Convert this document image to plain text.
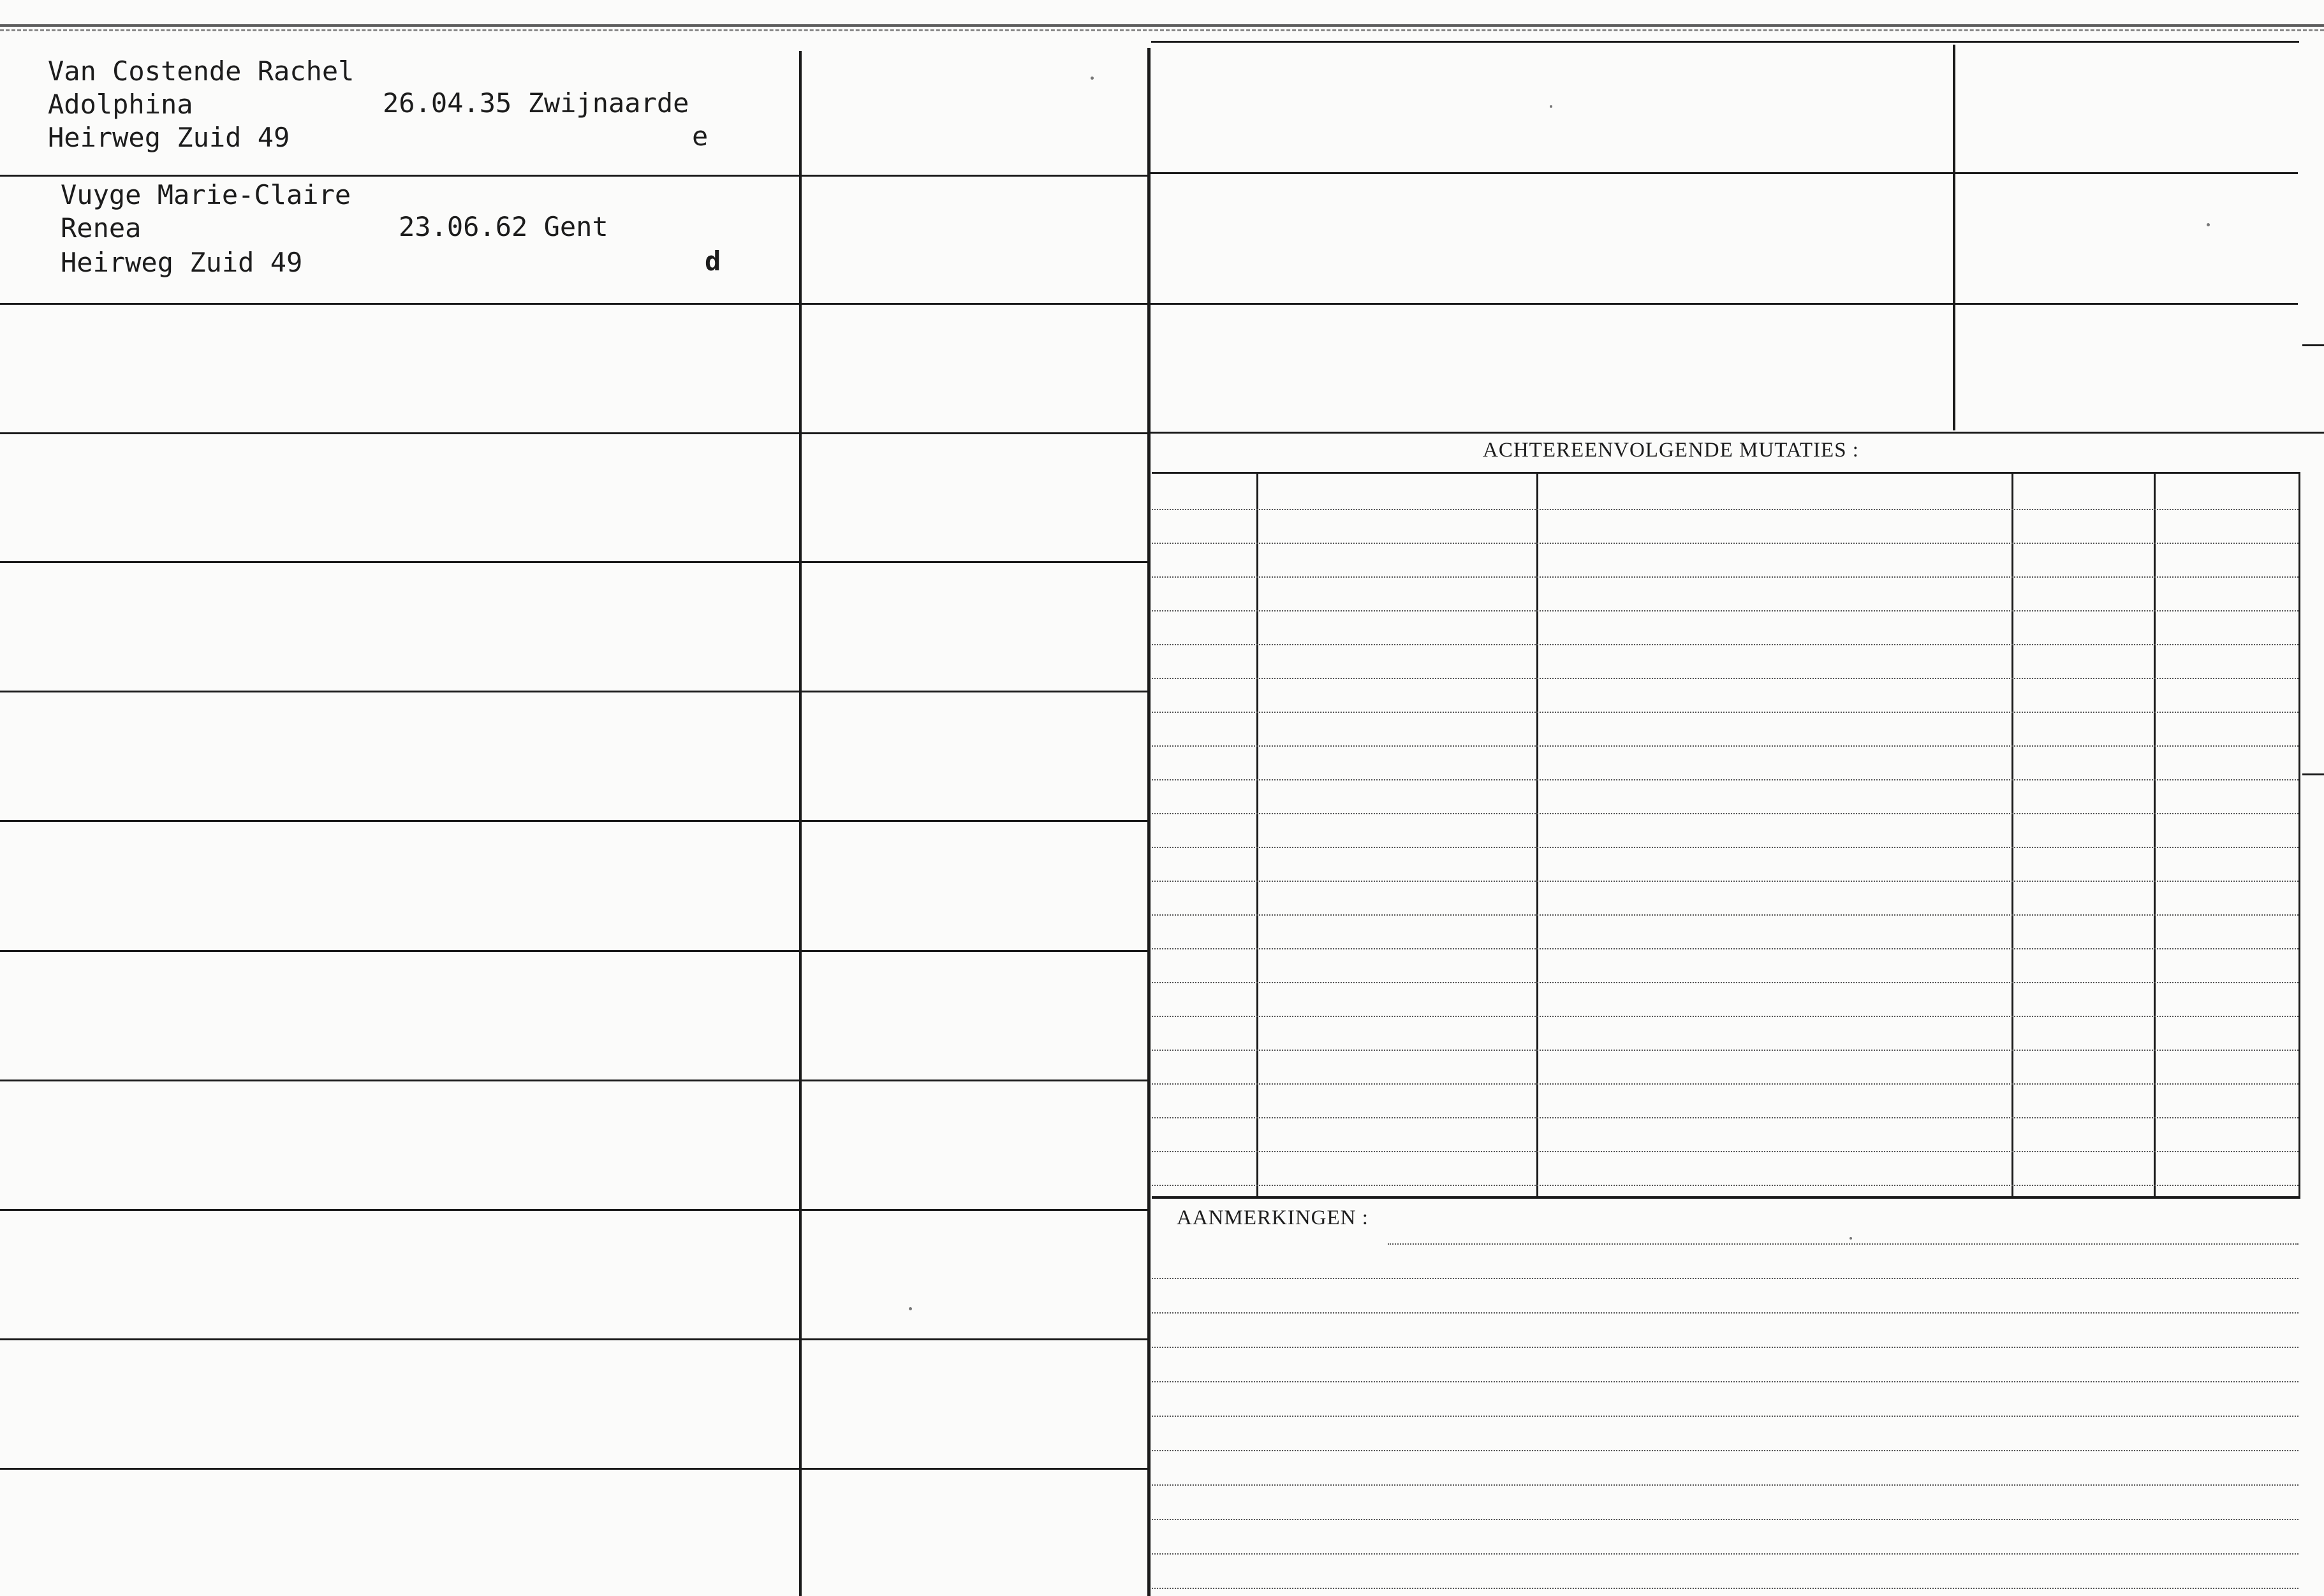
ACHTEREENVOLGENDE MUTATIES :
AANMERKINGEN :
Van Costende Rachel
Adolphina
Heirweg Zuid 49
26.04.35 Zwijnaarde
e
Vuyge Marie-Claire
Renea
Heirweg Zuid 49
23.06.62 Gent
d
